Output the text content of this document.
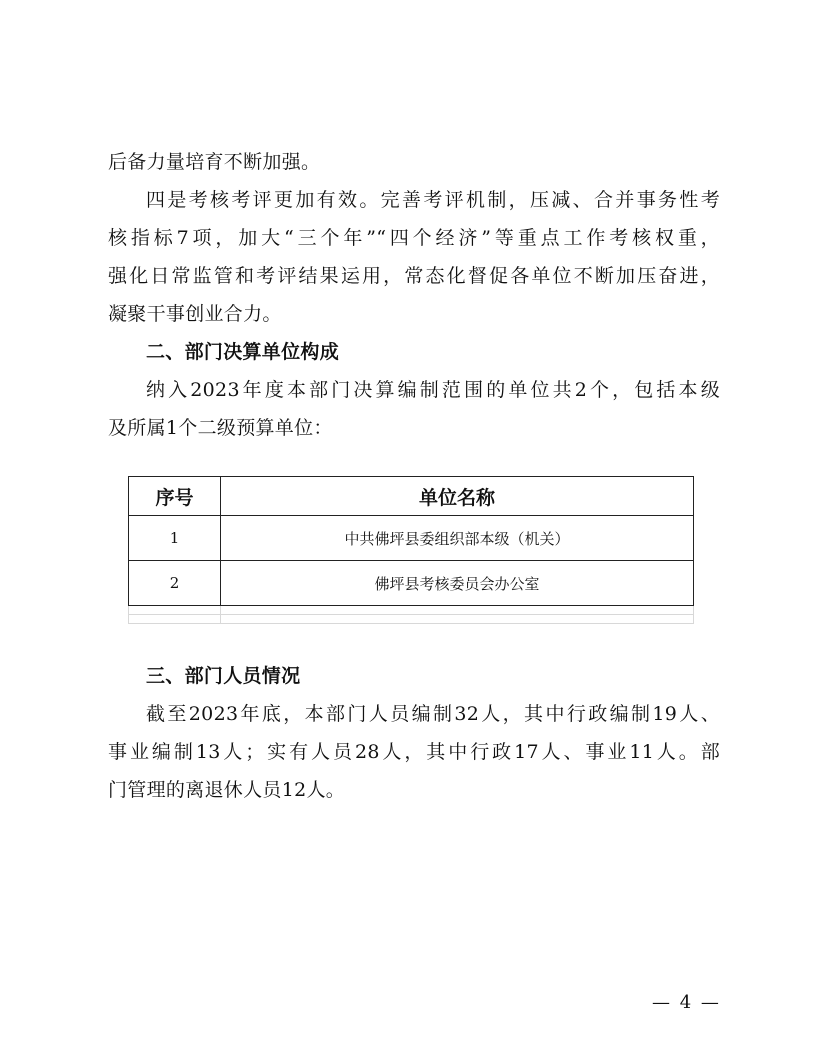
后备力量培育不断加强。
四是考核考评更加有效。完善考评机制，压减、合并事务性考
核指标7项，加大“三个年”“四个经济”等重点工作考核权重，
强化日常监管和考评结果运用，常态化督促各单位不断加压奋进，
凝聚干事创业合力。
二、部门决算单位构成
纳入2023年度本部门决算编制范围的单位共2个，包括本级
及所属1个二级预算单位：
序号	单位名称
1	中共佛坪县委组织部本级（机关）
2	佛坪县考核委员会办公室

三、部门人员情况
截至2023年底，本部门人员编制32人，其中行政编制19人、
事业编制13人；实有人员28人，其中行政17人、事业11人。部
门管理的离退休人员12人。
— 4 —
